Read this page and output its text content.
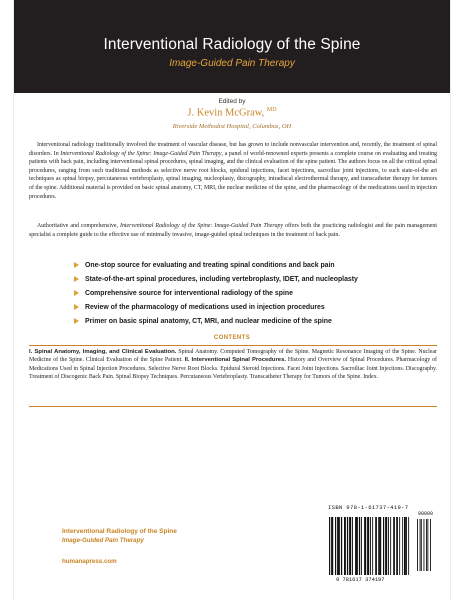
Interventional Radiology of the Spine
Image-Guided Pain Therapy
Edited by
J. Kevin McGraw, $^{MD}$
Riverside Methodist Hospital, Columbus, OH
Interventional radiology traditionally involved the treatment of vascular disease, but has grown to include nonvascular intervention and, recently, the treatment of spinal disorders. In Interventional Radiology of the Spine: Image-Guided Pain Therapy, a panel of world-renowned experts presents a complete course on evaluating and treating patients with back pain, including interventional spinal procedures, spinal imaging, and the clinical evaluation of the spine patient. The authors focus on all the critical spinal procedures, ranging from such traditional methods as selective nerve root blocks, epidural injections, facet injections, sacroiliac joint injections, to such state-of-the art techniques as spinal biopsy, percutaneous vertebroplasty, spinal imaging, nucleoplasty, discography, intradiscal electrothermal therapy, and transcatheter therapy for tumors of the spine. Additional material is provided on basic spinal anatomy, CT, MRI, the nuclear medicine of the spine, and the pharmacology of the medications used in injection procedures.
Authoritative and comprehensive, Interventional Radiology of the Spine: Image-Guided Pain Therapy offers both the practicing radiologist and the pain management specialist a complete guide to the effective use of minimally invasive, image-guided spinal techniques in the treatment of back pain.
One-stop source for evaluating and treating spinal conditions and back pain
State-of-the-art spinal procedures, including vertebroplasty, IDET, and nucleoplasty
Comprehensive source for interventional radiology of the spine
Review of the pharmacology of medications used in injection procedures
Primer on basic spinal anatomy, CT, MRI, and nuclear medicine of the spine
CONTENTS
I. Spinal Anatomy, Imaging, and Clinical Evaluation. Spinal Anatomy. Computed Tomography of the Spine. Magnetic Resonance Imaging of the Spine. Nuclear Medicine of the Spine. Clinical Evaluation of the Spine Patient. II. Interventional Spinal Procedures. History and Overview of Spinal Procedures. Pharmacology of Medications Used in Spinal Injection Procedures. Selective Nerve Root Blocks. Epidural Steroid Injections. Facet Joint Injections. Sacroiliac Joint Injections. Discography. Treatment of Discogenic Back Pain. Spinal Biopsy Techniques. Percutaneous Vertebroplasty. Transcatheter Therapy for Tumors of the Spine. Index.
Interventional Radiology of the Spine
Image-Guided Pain Therapy
humanapress.com
ISBN 978-1-61737-419-7
90000
9 781617 374197
